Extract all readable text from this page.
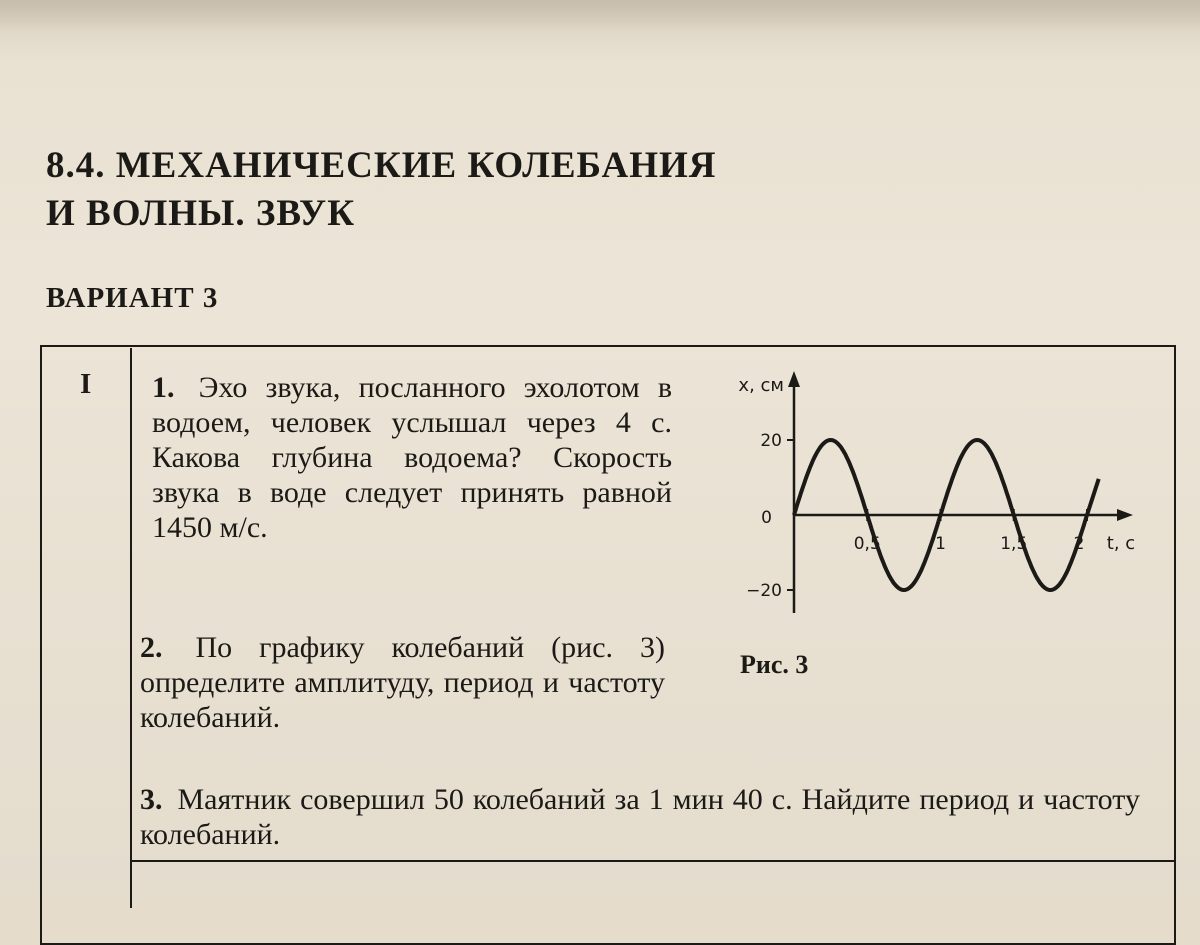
8.4. МЕХАНИЧЕСКИЕ КОЛЕБАНИЯ
И ВОЛНЫ. ЗВУК
ВАРИАНТ 3
I 1. Эхо звука, посланного эхолотом в водоем, человек услышал через 4 с. Какова глубина водоема? Скорость звука в воде следует принять равной 1450 м/с.
2. По графику колебаний (рис. 3) определите амплитуду, период и частоту колебаний.
3. Маятник совершил 50 колебаний за 1 мин 40 с. Найдите период и частоту колебаний.
x, см
t, с
0,5	1	1,5	2
20
0
−20
Рис. 3
